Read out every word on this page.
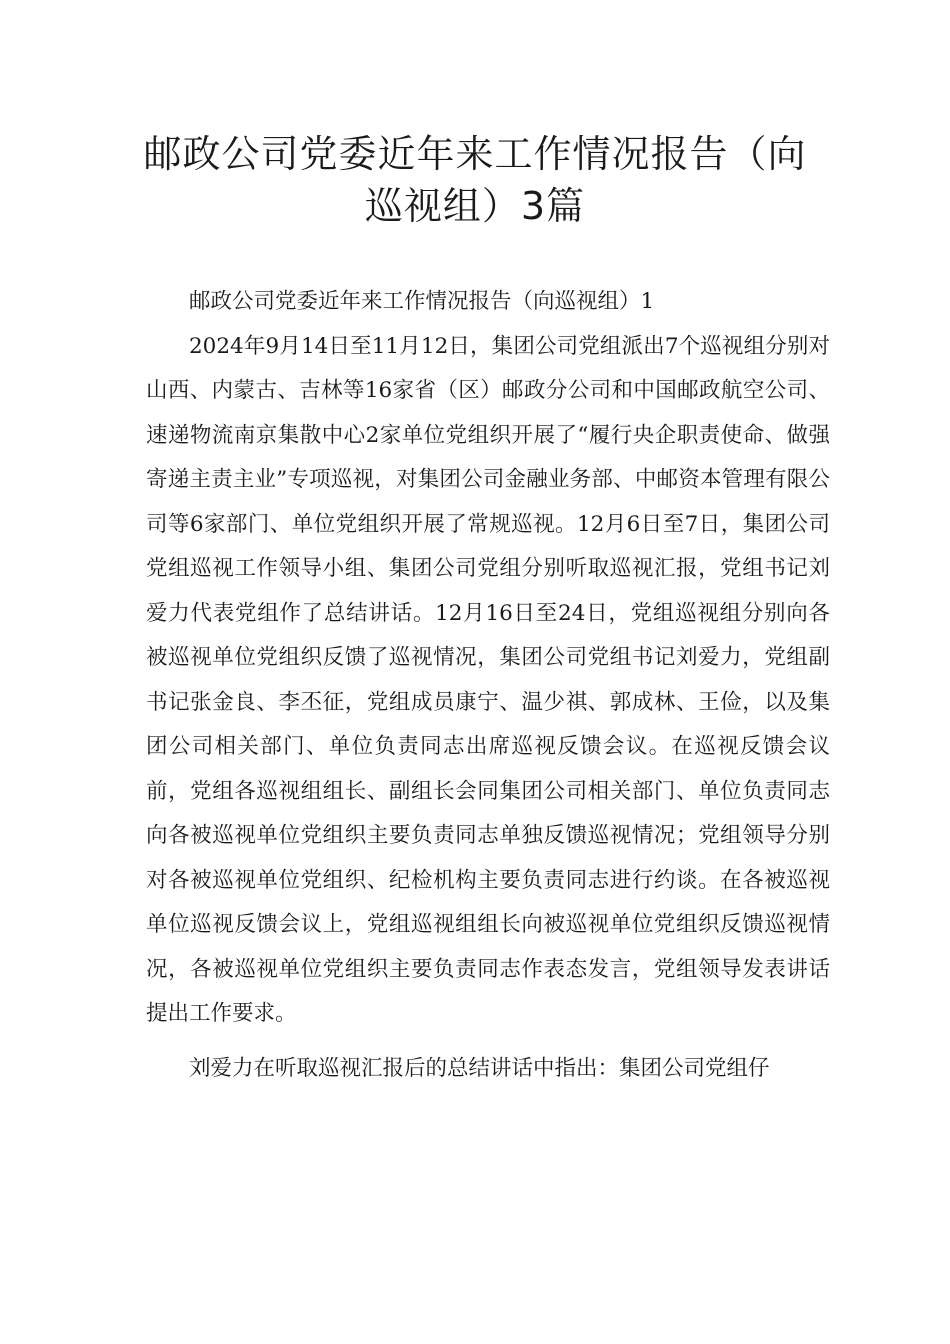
邮政公司党委近年来工作情况报告（向
巡视组）3篇

邮政公司党委近年来工作情况报告（向巡视组）1

2024年9月14日至11月12日，集团公司党组派出7个巡视组分别对山西、内蒙古、吉林等16家省（区）邮政分公司和中国邮政航空公司、速递物流南京集散中心2家单位党组织开展了“履行央企职责使命、做强寄递主责主业”专项巡视，对集团公司金融业务部、中邮资本管理有限公司等6家部门、单位党组织开展了常规巡视。12月6日至7日，集团公司党组巡视工作领导小组、集团公司党组分别听取巡视汇报，党组书记刘爱力代表党组作了总结讲话。12月16日至24日，党组巡视组分别向各被巡视单位党组织反馈了巡视情况，集团公司党组书记刘爱力，党组副书记张金良、李丕征，党组成员康宁、温少祺、郭成林、王俭，以及集团公司相关部门、单位负责同志出席巡视反馈会议。在巡视反馈会议前，党组各巡视组组长、副组长会同集团公司相关部门、单位负责同志向各被巡视单位党组织主要负责同志单独反馈巡视情况；党组领导分别对各被巡视单位党组织、纪检机构主要负责同志进行约谈。在各被巡视单位巡视反馈会议上，党组巡视组组长向被巡视单位党组织反馈巡视情况，各被巡视单位党组织主要负责同志作表态发言，党组领导发表讲话提出工作要求。

刘爱力在听取巡视汇报后的总结讲话中指出：集团公司党组仔
